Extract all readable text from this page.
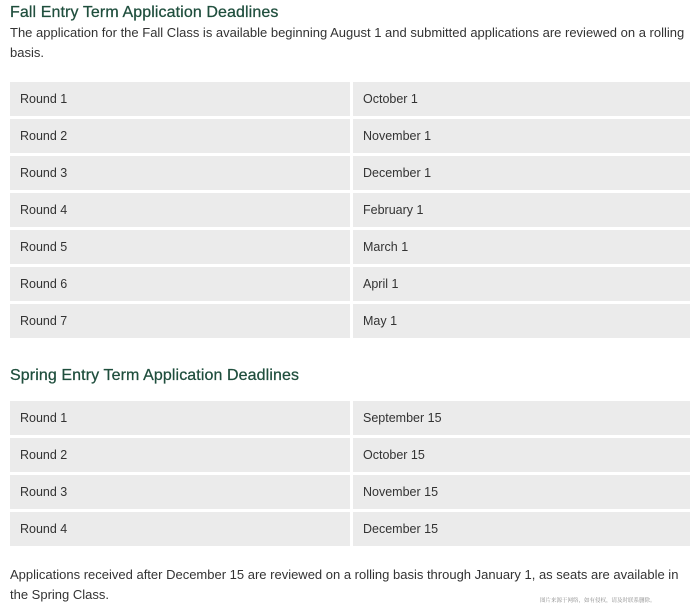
Fall Entry Term Application Deadlines
The application for the Fall Class is available beginning August 1 and submitted applications are reviewed on a rolling basis.
Round 1	October 1
Round 2	November 1
Round 3	December 1
Round 4	February 1
Round 5	March 1
Round 6	April 1
Round 7	May 1
Spring Entry Term Application Deadlines
Round 1	September 15
Round 2	October 15
Round 3	November 15
Round 4	December 15
Applications received after December 15 are reviewed on a rolling basis through January 1, as seats are available in the Spring Class.	图片来源于网络，如有侵权，请及时联系删除。
